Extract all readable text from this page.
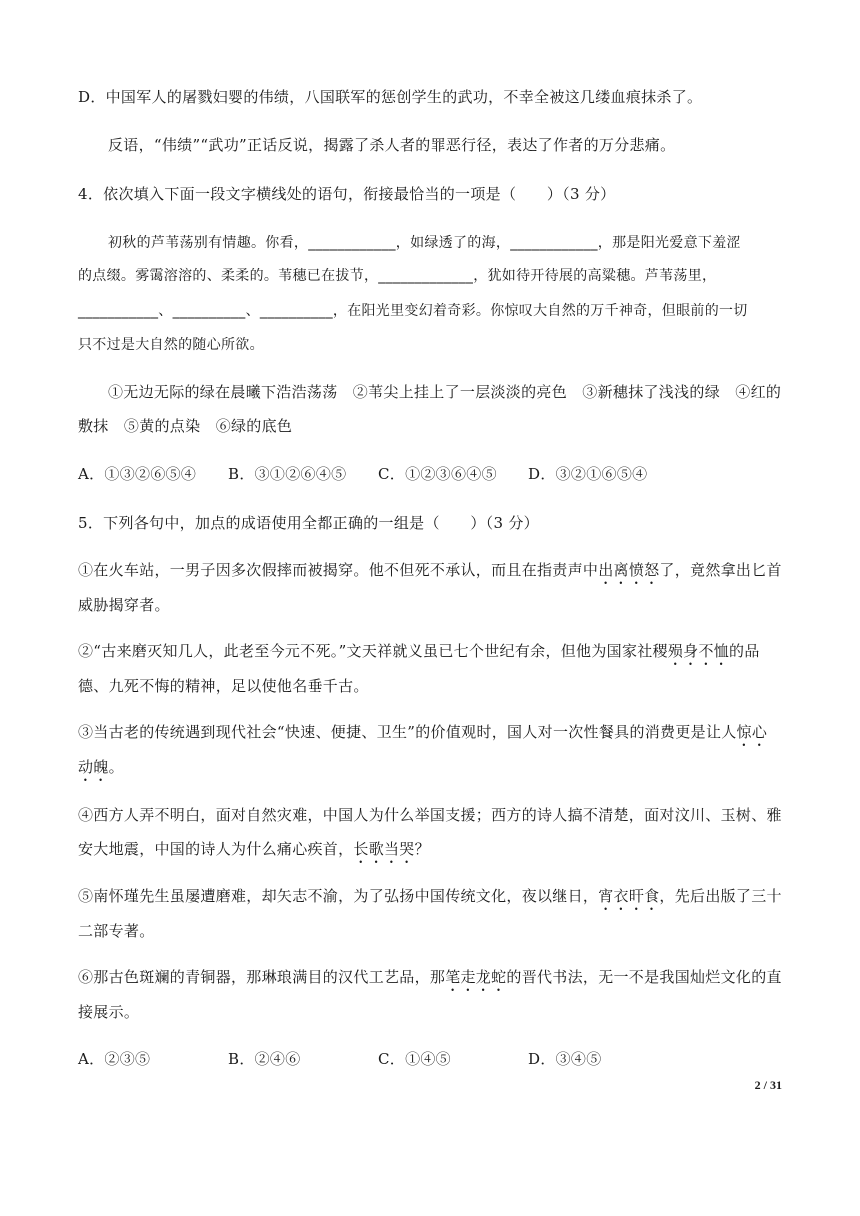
D．中国军人的屠戮妇婴的伟绩，八国联军的惩创学生的武功，不幸全被这几缕血痕抹杀了。
反语，“伟绩”“武功”正话反说，揭露了杀人者的罪恶行径，表达了作者的万分悲痛。
4．依次填入下面一段文字横线处的语句，衔接最恰当的一项是（　　）（3 分）
初秋的芦苇荡别有情趣。你看，____________，如绿透了的海，____________，那是阳光爱意下羞涩
的点缀。雾霭溶溶的、柔柔的。苇穗已在拔节，_____________，犹如待开待展的高粱穗。芦苇荡里，
___________、__________、__________，在阳光里变幻着奇彩。你惊叹大自然的万千神奇，但眼前的一切
只不过是大自然的随心所欲。
①无边无际的绿在晨曦下浩浩荡荡　②苇尖上挂上了一层淡淡的亮色　③新穗抹了浅浅的绿　④红的
敷抹　⑤黄的点染　⑥绿的底色
A．①③②⑥⑤④ B．③①②⑥④⑤ C．①②③⑥④⑤ D．③②①⑥⑤④
5．下列各句中，加点的成语使用全都正确的一组是（　　）（3 分）
①在火车站，一男子因多次假摔而被揭穿。他不但死不承认，而且在指责声中出离愤怒了，竟然拿出匕首
威胁揭穿者。
②“古来磨灭知几人，此老至今元不死。”文天祥就义虽已七个世纪有余，但他为国家社稷殒身不恤的品
德、九死不悔的精神，足以使他名垂千古。
③当古老的传统遇到现代社会“快速、便捷、卫生”的价值观时，国人对一次性餐具的消费更是让人惊心
动魄。
④西方人弄不明白，面对自然灾难，中国人为什么举国支援；西方的诗人搞不清楚，面对汶川、玉树、雅
安大地震，中国的诗人为什么痛心疾首，长歌当哭？
⑤南怀瑾先生虽屡遭磨难，却矢志不渝，为了弘扬中国传统文化，夜以继日，宵衣旰食，先后出版了三十
二部专著。
⑥那古色斑斓的青铜器，那琳琅满目的汉代工艺品，那笔走龙蛇的晋代书法，无一不是我国灿烂文化的直
接展示。
A．②③⑤	B．②④⑥	C．①④⑤	D．③④⑤
2 / 31
